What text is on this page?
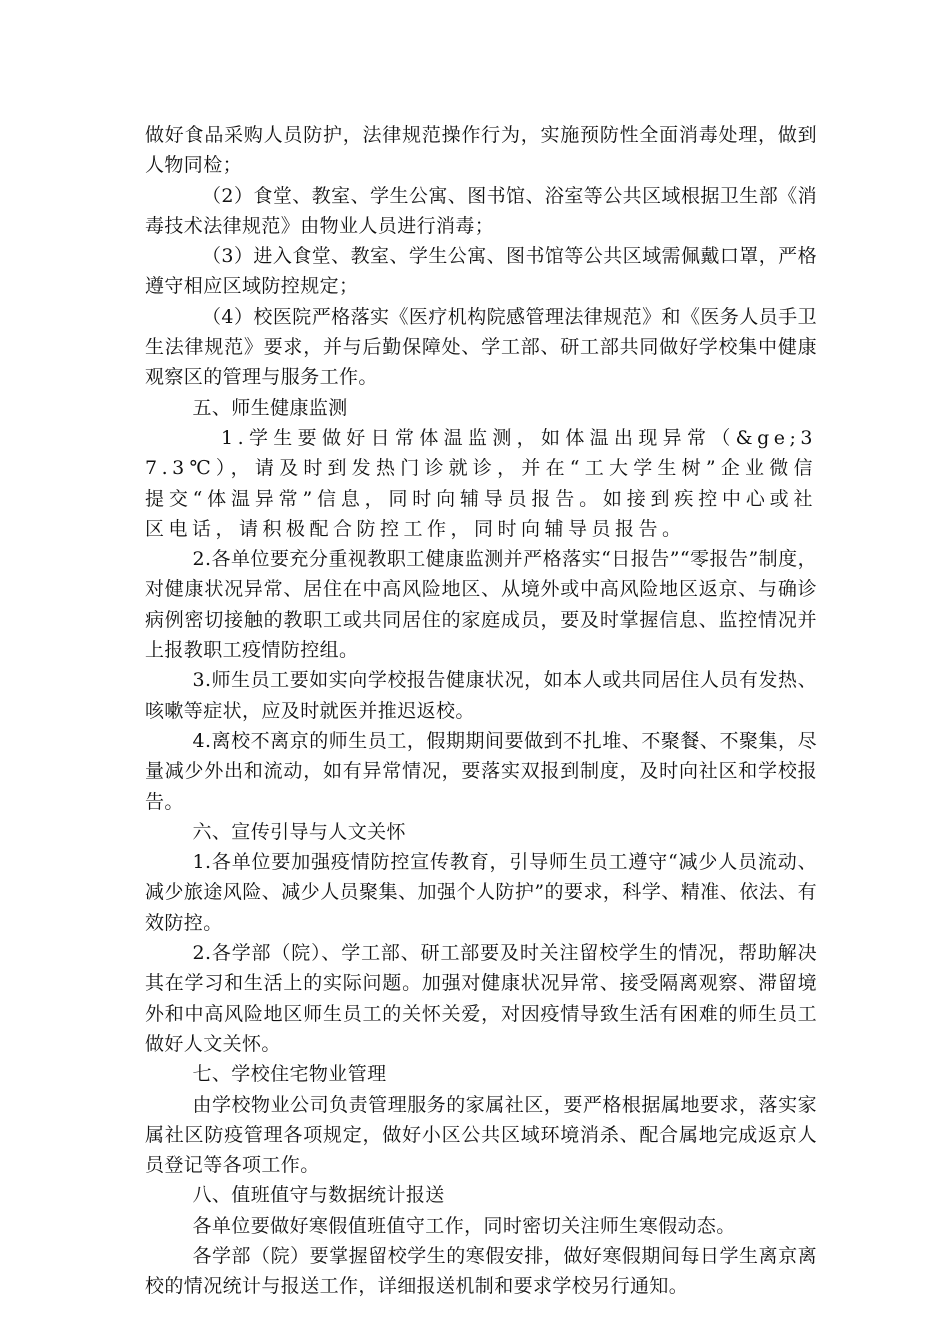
做好食品采购人员防护，法律规范操作行为，实施预防性全面消毒处理，做到人物同检；

（2）食堂、教室、学生公寓、图书馆、浴室等公共区域根据卫生部《消毒技术法律规范》由物业人员进行消毒；

（3）进入食堂、教室、学生公寓、图书馆等公共区域需佩戴口罩，严格遵守相应区域防控规定；

（4）校医院严格落实《医疗机构院感管理法律规范》和《医务人员手卫生法律规范》要求，并与后勤保障处、学工部、研工部共同做好学校集中健康观察区的管理与服务工作。

五、师生健康监测

1.学生要做好日常体温监测，如体温出现异常（&ge;37.3℃），请及时到发热门诊就诊，并在“工大学生树”企业微信提交“体温异常”信息，同时向辅导员报告。如接到疾控中心或社区电话，请积极配合防控工作，同时向辅导员报告。

2.各单位要充分重视教职工健康监测并严格落实“日报告”“零报告”制度，对健康状况异常、居住在中高风险地区、从境外或中高风险地区返京、与确诊病例密切接触的教职工或共同居住的家庭成员，要及时掌握信息、监控情况并上报教职工疫情防控组。

3.师生员工要如实向学校报告健康状况，如本人或共同居住人员有发热、咳嗽等症状，应及时就医并推迟返校。

4.离校不离京的师生员工，假期期间要做到不扎堆、不聚餐、不聚集，尽量减少外出和流动，如有异常情况，要落实双报到制度，及时向社区和学校报告。

六、宣传引导与人文关怀

1.各单位要加强疫情防控宣传教育，引导师生员工遵守“减少人员流动、减少旅途风险、减少人员聚集、加强个人防护”的要求，科学、精准、依法、有效防控。

2.各学部（院）、学工部、研工部要及时关注留校学生的情况，帮助解决其在学习和生活上的实际问题。加强对健康状况异常、接受隔离观察、滞留境外和中高风险地区师生员工的关怀关爱，对因疫情导致生活有困难的师生员工做好人文关怀。

七、学校住宅物业管理

由学校物业公司负责管理服务的家属社区，要严格根据属地要求，落实家属社区防疫管理各项规定，做好小区公共区域环境消杀、配合属地完成返京人员登记等各项工作。

八、值班值守与数据统计报送

各单位要做好寒假值班值守工作，同时密切关注师生寒假动态。

各学部（院）要掌握留校学生的寒假安排，做好寒假期间每日学生离京离校的情况统计与报送工作，详细报送机制和要求学校另行通知。
